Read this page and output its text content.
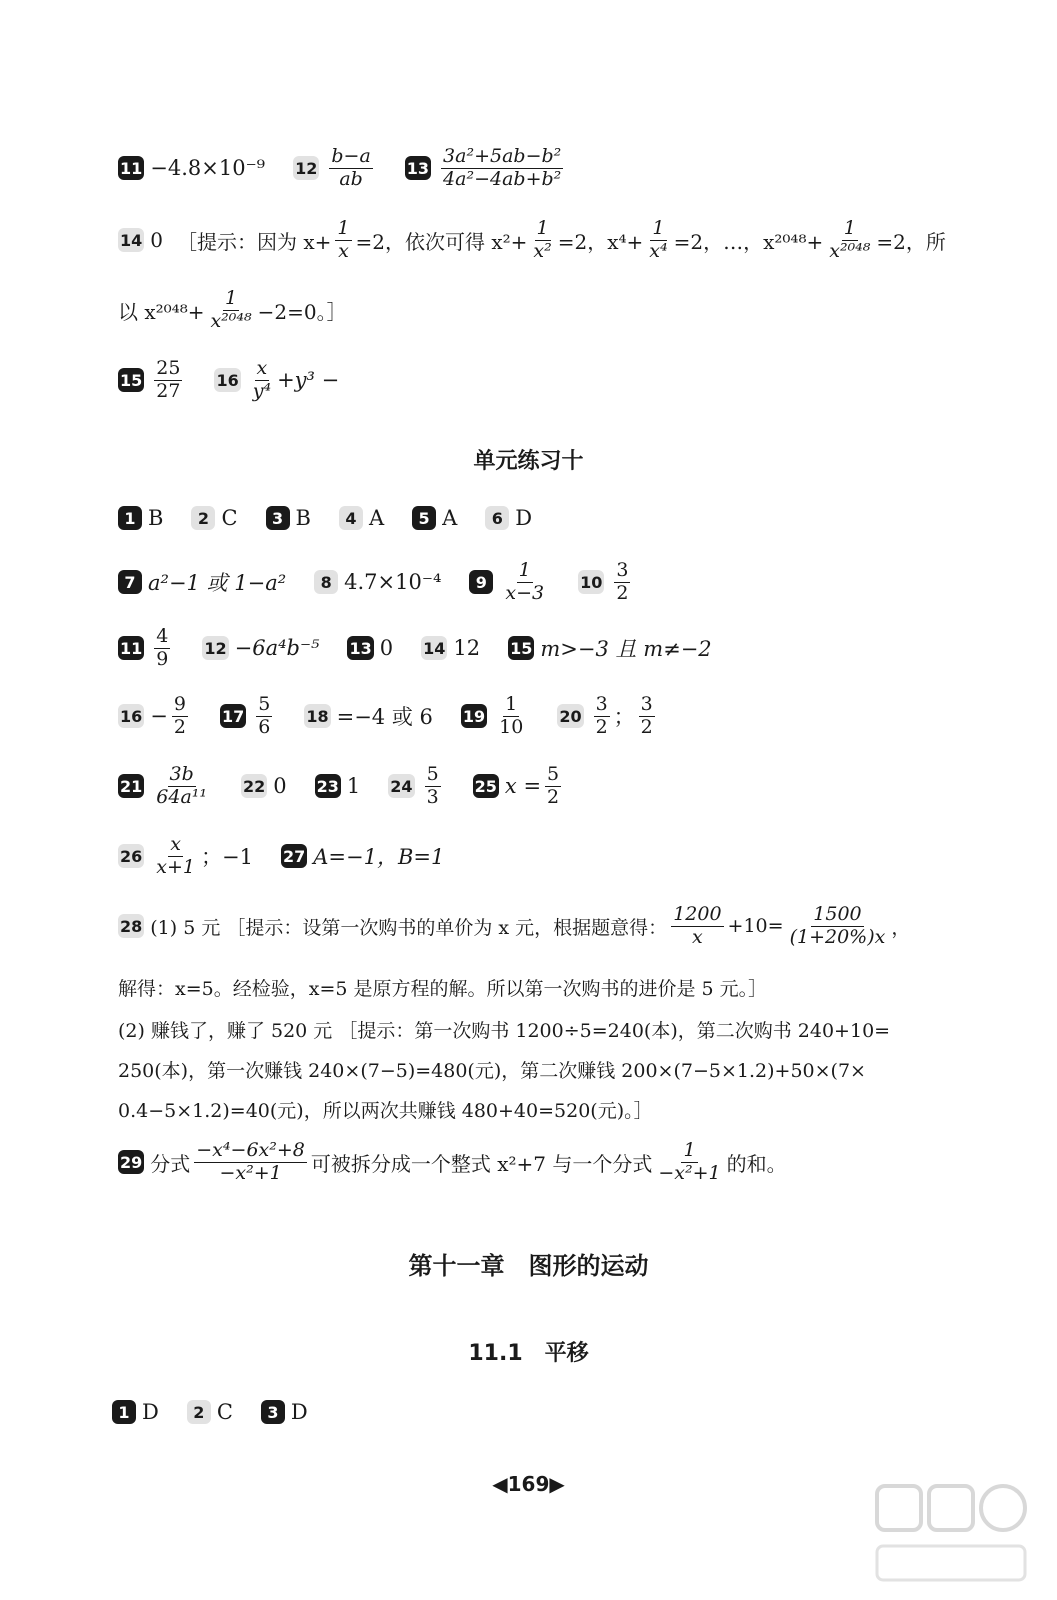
11 −4.8×10⁻⁹ $12 \frac{b-a}{ab} 13 \frac{\text{3a²+5ab−b²}}{\text{4a²−4ab+b²}}$
14 0 ［提示：因为 $x+ \frac{1}{x} =2$，依次可得 $x^2+ \frac{1}{\text{x²}} =2$，$x^4+ \frac{1}{\text{x⁴}} =2$，…，$x^{2048}+ \frac{1}{\text{x²⁰⁴⁸}} =2$，所
以 $x^{2048}+ \frac{1}{\text{x²⁰⁴⁸}} -2=0$。］
$15 \frac{25}{27} 16 \frac{x}{\text{y⁴}} +y^3$ −
单元练习十
1 B	2 C	3 B	4 A	5 A	6 D
7 a²−1 或 1−a²	8 4.7×10⁻⁴	$9 \frac{1}{x-3} 10 \frac{3}{2}$
$11 \frac{4}{9} 12 -6a^4b^{-5}$ 13 0 14 12 15 m>−3 且 m≠−2
$16 - \frac{9}{2} 17 \frac{5}{6} 18 =-4$ 或 6 $19 \frac{1}{10} 20 \frac{3}{2}$ ； $\frac{3}{2}$
$21 \frac{3b}{\text{64a¹¹}} 22$ 0 23 1 $24 \frac{5}{3} 25$ $x = \frac{5}{2}$
$26 \frac{x}{x+1}$ ；−1 27 A=−1，B=1
28 (1) 5 元 ［提示：设第一次购书的单价为 x 元，根据题意得： $\frac{1200}{x} +10= \frac{1500}{(1+20\%)x}$ ，
解得：x=5。经检验，x=5 是原方程的解。所以第一次购书的进价是 5 元。］
(2) 赚钱了，赚了 520 元 ［提示：第一次购书 1200÷5=240(本)，第二次购书 240+10=
250(本)，第一次赚钱 240×(7−5)=480(元)，第二次赚钱 200×(7−5×1.2)+50×(7×
0.4−5×1.2)=40(元)，所以两次共赚钱 480+40=520(元)。］
29 分式 $\frac{\text{−x⁴−6x²+8}}{\text{−x²+1}}$ 可被拆分成一个整式 x²+7 与一个分式 $\frac{1}{\text{−x²+1}}$ 的和。
第十一章　图形的运动
11.1　平移
1 D	2 C	3 D
◀169▶
